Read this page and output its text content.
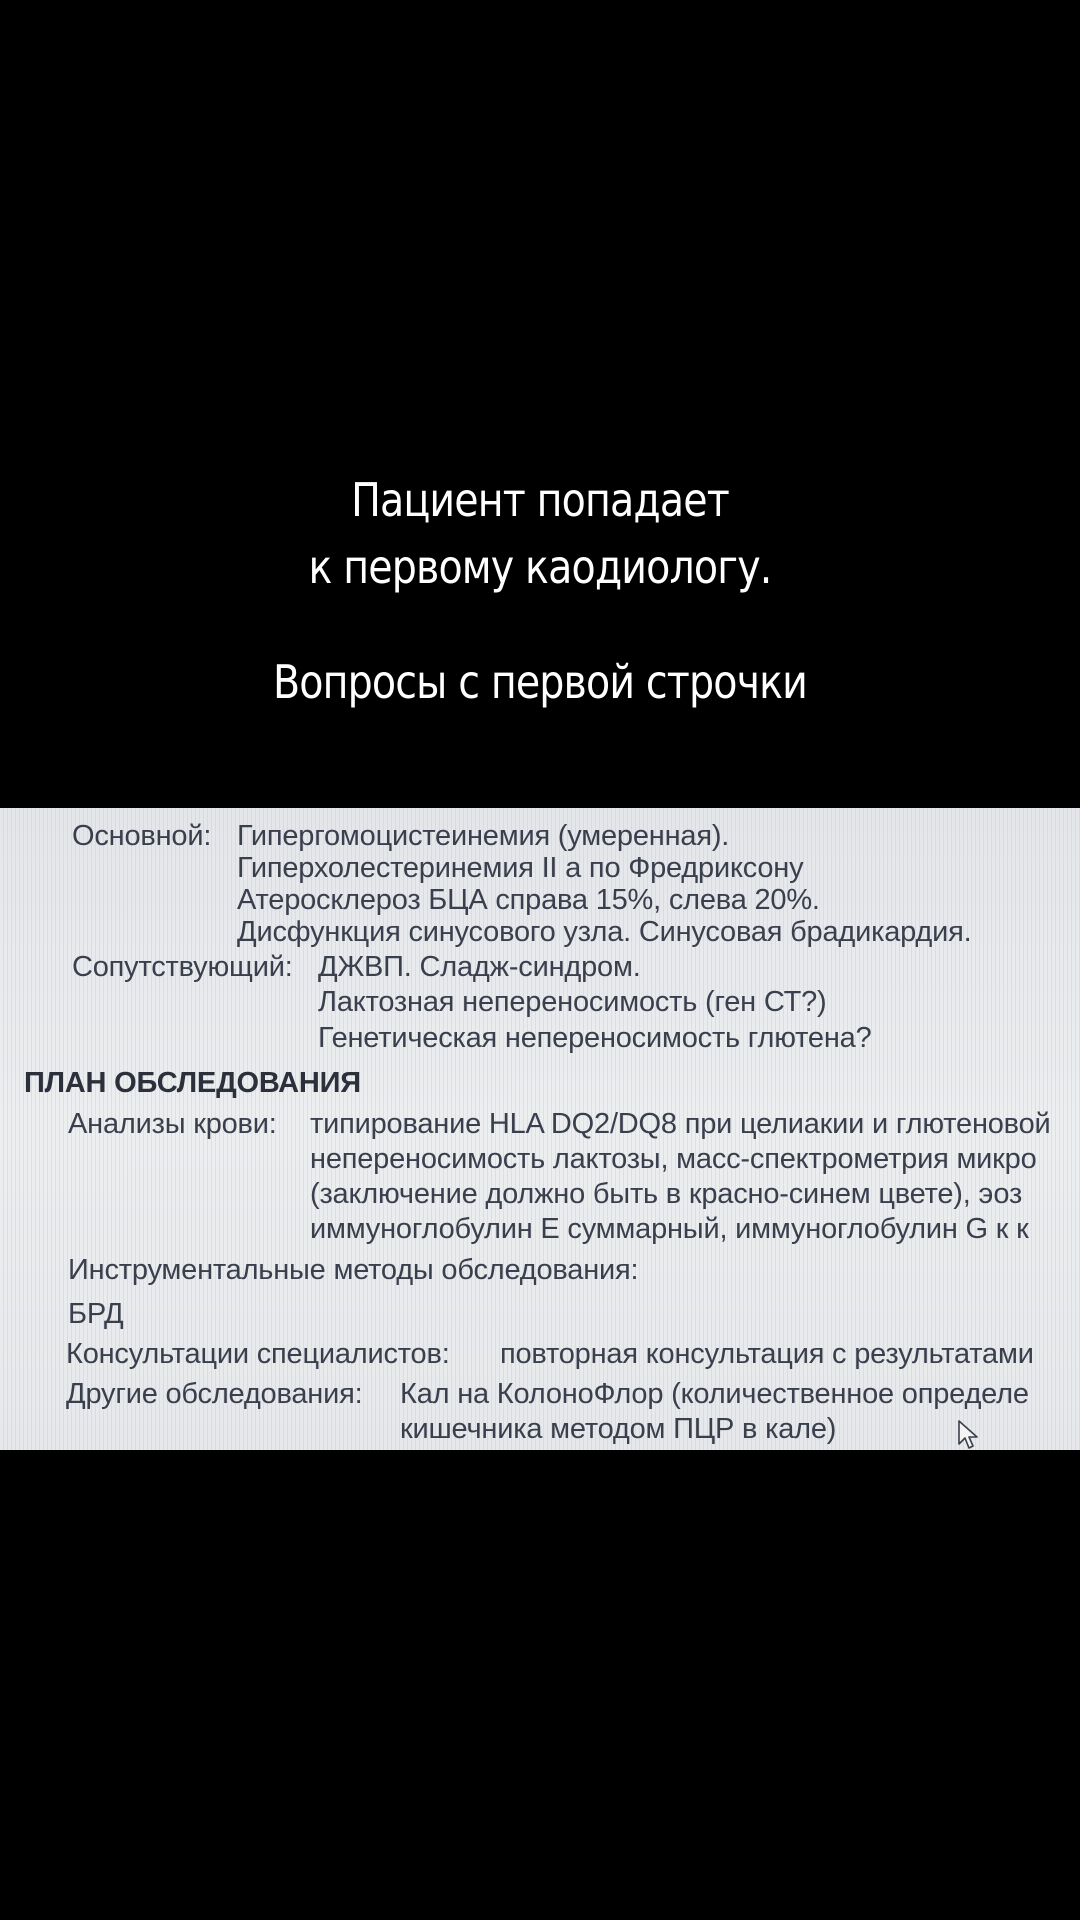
Пациент попадает
к первому каодиологу.
Вопросы с первой строчки
Основной: Гипергомоцистеинемия (умеренная).
Гиперхолестеринемия II а по Фредриксону
Атеросклероз БЦА справа 15%, слева 20%.
Дисфункция синусового узла. Синусовая брадикардия.
Сопутствующий: ДЖВП. Сладж-синдром.
Лактозная непереносимость (ген СТ?)
Генетическая непереносимость глютена?
ПЛАН ОБСЛЕДОВАНИЯ
Анализы крови: типирование HLA DQ2/DQ8 при целиакии и глютеновой
непереносимость лактозы, масс-спектрометрия микро
(заключение должно быть в красно-синем цвете), эоз
иммуноглобулин Е суммарный, иммуноглобулин G к к
Инструментальные методы обследования:
БРД
Консультации специалистов: повторная консультация с результатами
Другие обследования: Кал на КолоноФлор (количественное определе
кишечника методом ПЦР в кале)
